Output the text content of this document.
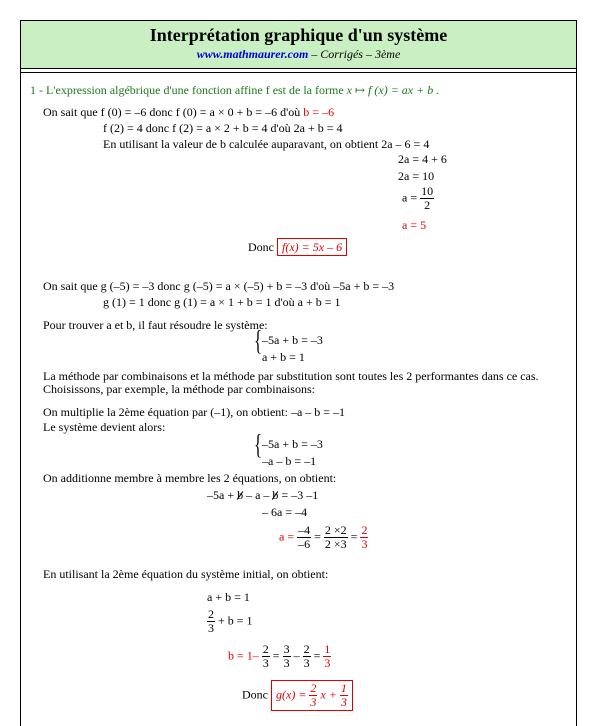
Interprétation graphique d'un système
www.mathmaurer.com – Corrigés – 3ème
1 - L'expression algébrique d'une fonction affine f est de la forme x ↦ f (x) = ax + b .
On sait que f (0) = –6 donc f (0) = a × 0 + b = –6 d'où b = –6
f (2) = 4 donc f (2) = a × 2 + b = 4 d'où 2a + b = 4
En utilisant la valeur de b calculée auparavant, on obtient 2a – 6 = 4
2a = 4 + 6
2a = 10
$a = \frac{10}{2}$
a = 5
Donc f(x) = 5x – 6
On sait que g (–5) = –3 donc g (–5) = a × (–5) + b = –3 d'où –5a + b = –3
g (1) = 1 donc g (1) = a × 1 + b = 1 d'où a + b = 1
Pour trouver a et b, il faut résoudre le système:
{ –5a + b = –3
a + b = 1
La méthode par combinaisons et la méthode par substitution sont toutes les 2 performantes dans ce cas.
Choisissons, par exemple, la méthode par combinaisons:
On multiplie la 2ème équation par (–1), on obtient: –a – b = –1
Le système devient alors:
{ –5a + b = –3
–a – b = –1
On additionne membre à membre les 2 équations, on obtient:
–5a + b – a – b = –3 –1
– 6a = –4
$a = \frac{-4}{-6} = \frac{2 \times 2}{2 \times 3} = \frac{2}{3}$
En utilisant la 2ème équation du système initial, on obtient:
a + b = 1
$\frac{2}{3} + b = 1$
$b = 1- \frac{2}{3} = \frac{3}{3} - \frac{2}{3} = \frac{1}{3}$
Donc $g(x) = \frac{2}{3}$ $x + \frac{1}{3}$
